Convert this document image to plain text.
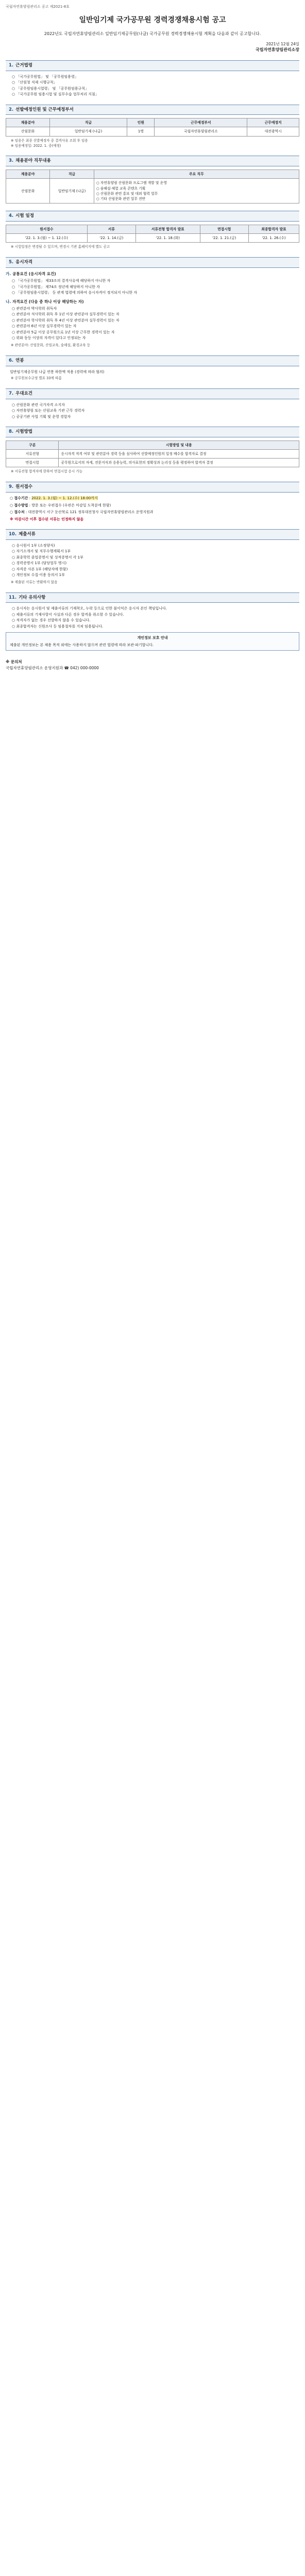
국립자연휴양림관리소 공고 제2021-8호
일반임기제 국가공무원 경력경쟁채용시험 공고
2022년도 국립자연휴양림관리소 일반임기제공무원(나급) 국가공무원 경력경쟁채용시험 계획을 다음과 같이 공고합니다.
2021년 12월 24일
국립자연휴양림관리소장
1. 근거법령
○ 「국가공무원법」 및 「공무원임용령」
○ 「산림청 직제 시행규칙」
○ 「공무원임용시험령」 및 「공무원임용규칙」
○ 「국가공무원 임용시험 및 실무수습 업무처리 지침」
2. 선발예정인원 및 근무예정부서
채용분야	직급	인원	근무예정부서	근무예정지
산림문화	일반임기제 (나급)	1명	국립자연휴양림관리소	대전광역시
※ 임용은 최종 선발예정자 중 결격사유 조회 후 임용
※ 임용예정일: 2022. 1. 중(예정)
3. 채용분야 직무내용
채용분야	직급	주요 직무
산림문화	일반임기제 (나급)	○ 자연휴양림 산림문화 프로그램 개발 및 운영
○ 숲해설·체험 교육 콘텐츠 기획
○ 산림문화 관련 홍보 및 대외 협력 업무
○ 기타 산림문화 관련 업무 전반
4. 시험 일정
원서접수	서류	서류전형 합격자 발표	면접시험	최종합격자 발표
'22. 1. 3.(월) ~ 1. 12.(수)	'22. 1. 14.(금)	'22. 1. 18.(화)	'22. 1. 21.(금)	'22. 1. 26.(수)
※ 시험일정은 변경될 수 있으며, 변경시 기관 홈페이지에 별도 공고
5. 응시자격
가. 공통요건 (응시자격 요건)
○ 「국가공무원법」 제33조의 결격사유에 해당하지 아니한 자
○ 「국가공무원법」 제74조 정년에 해당하지 아니한 자
○ 「공무원임용시험령」 등 관계 법령에 의하여 응시자격이 정지되지 아니한 자
나. 자격요건 (다음 중 하나 이상 해당하는 자)
○ 관련분야 박사학위 취득자
○ 관련분야 석사학위 취득 후 1년 이상 관련분야 실무경력이 있는 자
○ 관련분야 학사학위 취득 후 4년 이상 관련분야 실무경력이 있는 자
○ 관련분야 6년 이상 실무경력이 있는 자
○ 관련분야 5급 이상 공무원으로 1년 이상 근무한 경력이 있는 자
○ 위와 동등 이상의 자격이 있다고 인정되는 자
※ 관련분야: 산림문화, 산림교육, 숲해설, 환경교육 등
6. 연봉

일반임기제공무원 나급 연봉 하한액 적용 (경력에 따라 협의)

※ 공무원보수규정 별표 33에 따름
7. 우대요건
○ 산림문화 관련 국가자격 소지자
○ 자연휴양림 또는 산림교육 기관 근무 경력자
○ 공공기관 사업 기획 및 운영 경험자
8. 시험방법
구분	시험방법 및 내용
서류전형	응시자격 적격 여부 및 관련분야 경력 등을 심사하여 선발예정인원의 일정 배수를 합격자로 결정
면접시험	공무원으로서의 자세, 전문지식과 응용능력, 의사표현의 정확성과 논리성 등을 평정하여 합격자 결정
※ 서류전형 합격자에 한하여 면접시험 응시 가능
9. 원서접수

○ 접수기간 : 2022. 1. 3.(월) ~ 1. 12.(수) 18:00까지

○ 접수방법 : 방문 또는 우편접수 (우편은 마감일 도착분에 한함)

○ 접수처 : 대전광역시 서구 둔산북로 121 정부대전청사 국립자연휴양림관리소 운영지원과

※ 마감시간 이후 접수된 서류는 인정하지 않음

10. 제출서류
○ 응시원서 1부 (소정양식)
○ 자기소개서 및 직무수행계획서 1부
○ 최종학력 졸업증명서 및 성적증명서 각 1부
○ 경력증명서 1부 (담당업무 명시)
○ 자격증 사본 1부 (해당자에 한함)
○ 개인정보 수집·이용 동의서 1부
※ 제출된 서류는 반환하지 않음
11. 기타 유의사항
○ 응시자는 응시원서 및 제출서류의 기재착오, 누락 등으로 인한 불이익은 응시자 본인 책임입니다.
○ 제출서류의 기재사항이 사실과 다른 경우 합격을 취소할 수 있습니다.
○ 적격자가 없는 경우 선발하지 않을 수 있습니다.
○ 최종합격자는 신원조사 등 임용절차를 거쳐 임용됩니다.
개인정보 보호 안내
제출된 개인정보는 본 채용 목적 외에는 사용하지 않으며 관련 법령에 따라 보관·파기합니다.
※ 문의처
국립자연휴양림관리소 운영지원과 ☎ 042) 000-0000
